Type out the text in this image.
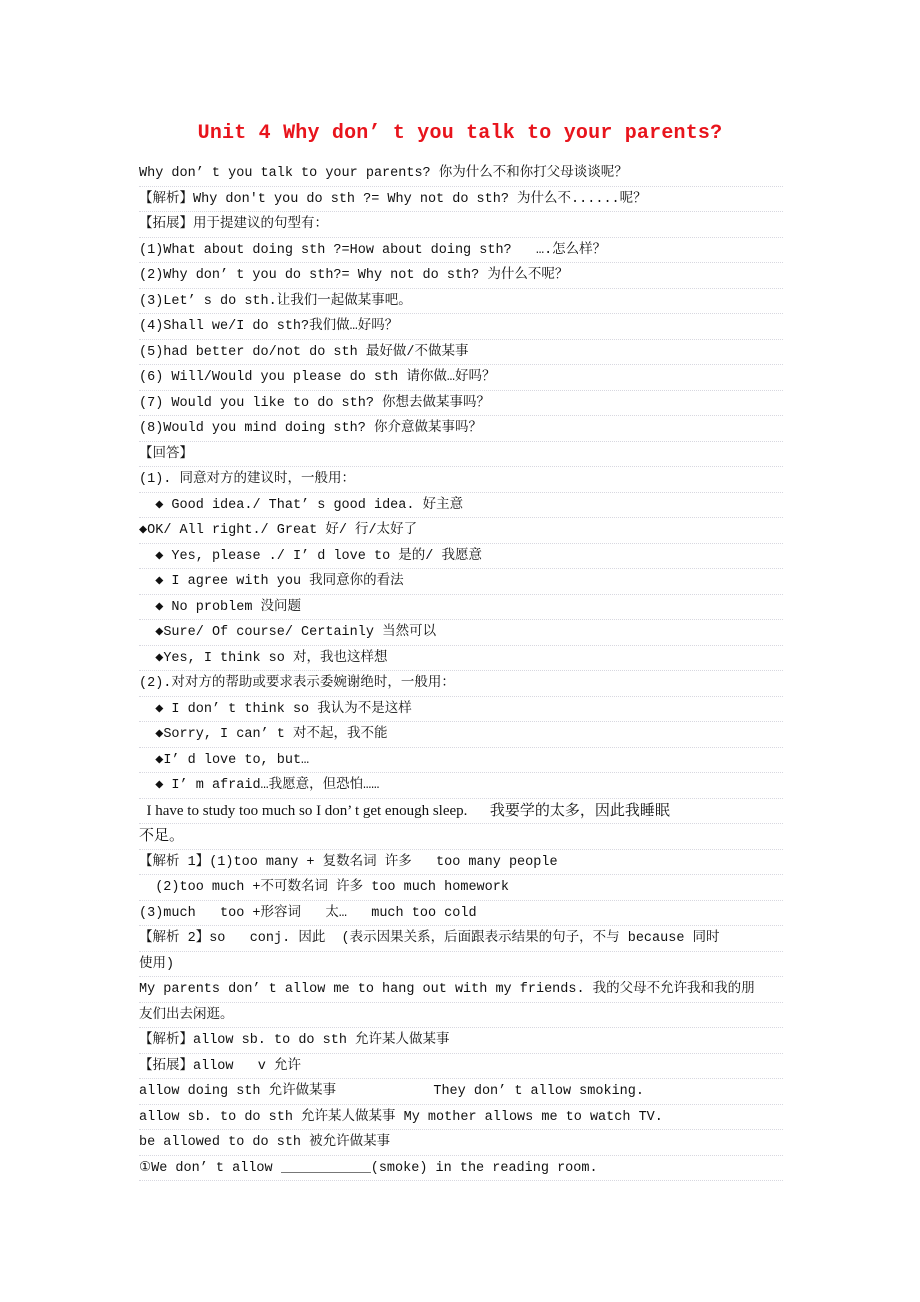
Unit 4 Why don’ t you talk to your parents?
Why don’ t you talk to your parents? 你为什么不和你打父母谈谈呢？
【解析】Why don't you do sth ?= Why not do sth? 为什么不......呢？
【拓展】用于提建议的句型有：
(1)What about doing sth ?=How about doing sth?   ….怎么样？
(2)Why don’ t you do sth?= Why not do sth? 为什么不呢？
(3)Let’ s do sth.让我们一起做某事吧。
(4)Shall we/I do sth?我们做…好吗？
(5)had better do/not do sth 最好做/不做某事
(6) Will/Would you please do sth 请你做…好吗？
(7) Would you like to do sth? 你想去做某事吗？
(8)Would you mind doing sth? 你介意做某事吗？
【回答】
(1). 同意对方的建议时，一般用：
◆ Good idea./ That’ s good idea. 好主意
◆OK/ All right./ Great 好/ 行/太好了
◆ Yes, please ./ I’ d love to 是的/ 我愿意
◆ I agree with you 我同意你的看法
◆ No problem 没问题
◆Sure/ Of course/ Certainly 当然可以
◆Yes, I think so 对，我也这样想
(2).对对方的帮助或要求表示委婉谢绝时，一般用：
◆ I don’ t think so 我认为不是这样
◆Sorry, I can’ t 对不起，我不能
◆I’ d love to, but…
◆ I’ m afraid…我愿意，但恐怕……
I have to study too much so I don’ t get enough sleep.      我要学的太多，因此我睡眠
不足。
【解析 1】(1)too many + 复数名词 许多   too many people
(2)too much +不可数名词 许多 too much homework
(3)much   too +形容词   太…   much too cold
【解析 2】so   conj. 因此  (表示因果关系，后面跟表示结果的句子，不与 because 同时
使用)
My parents don’ t allow me to hang out with my friends. 我的父母不允许我和我的朋
友们出去闲逛。
【解析】allow sb. to do sth 允许某人做某事
【拓展】allow   v 允许
allow doing sth 允许做某事            They don’ t allow smoking.
allow sb. to do sth 允许某人做某事 My mother allows me to watch TV.
be allowed to do sth 被允许做某事
①We don’ t allow	(smoke) in the reading room.
